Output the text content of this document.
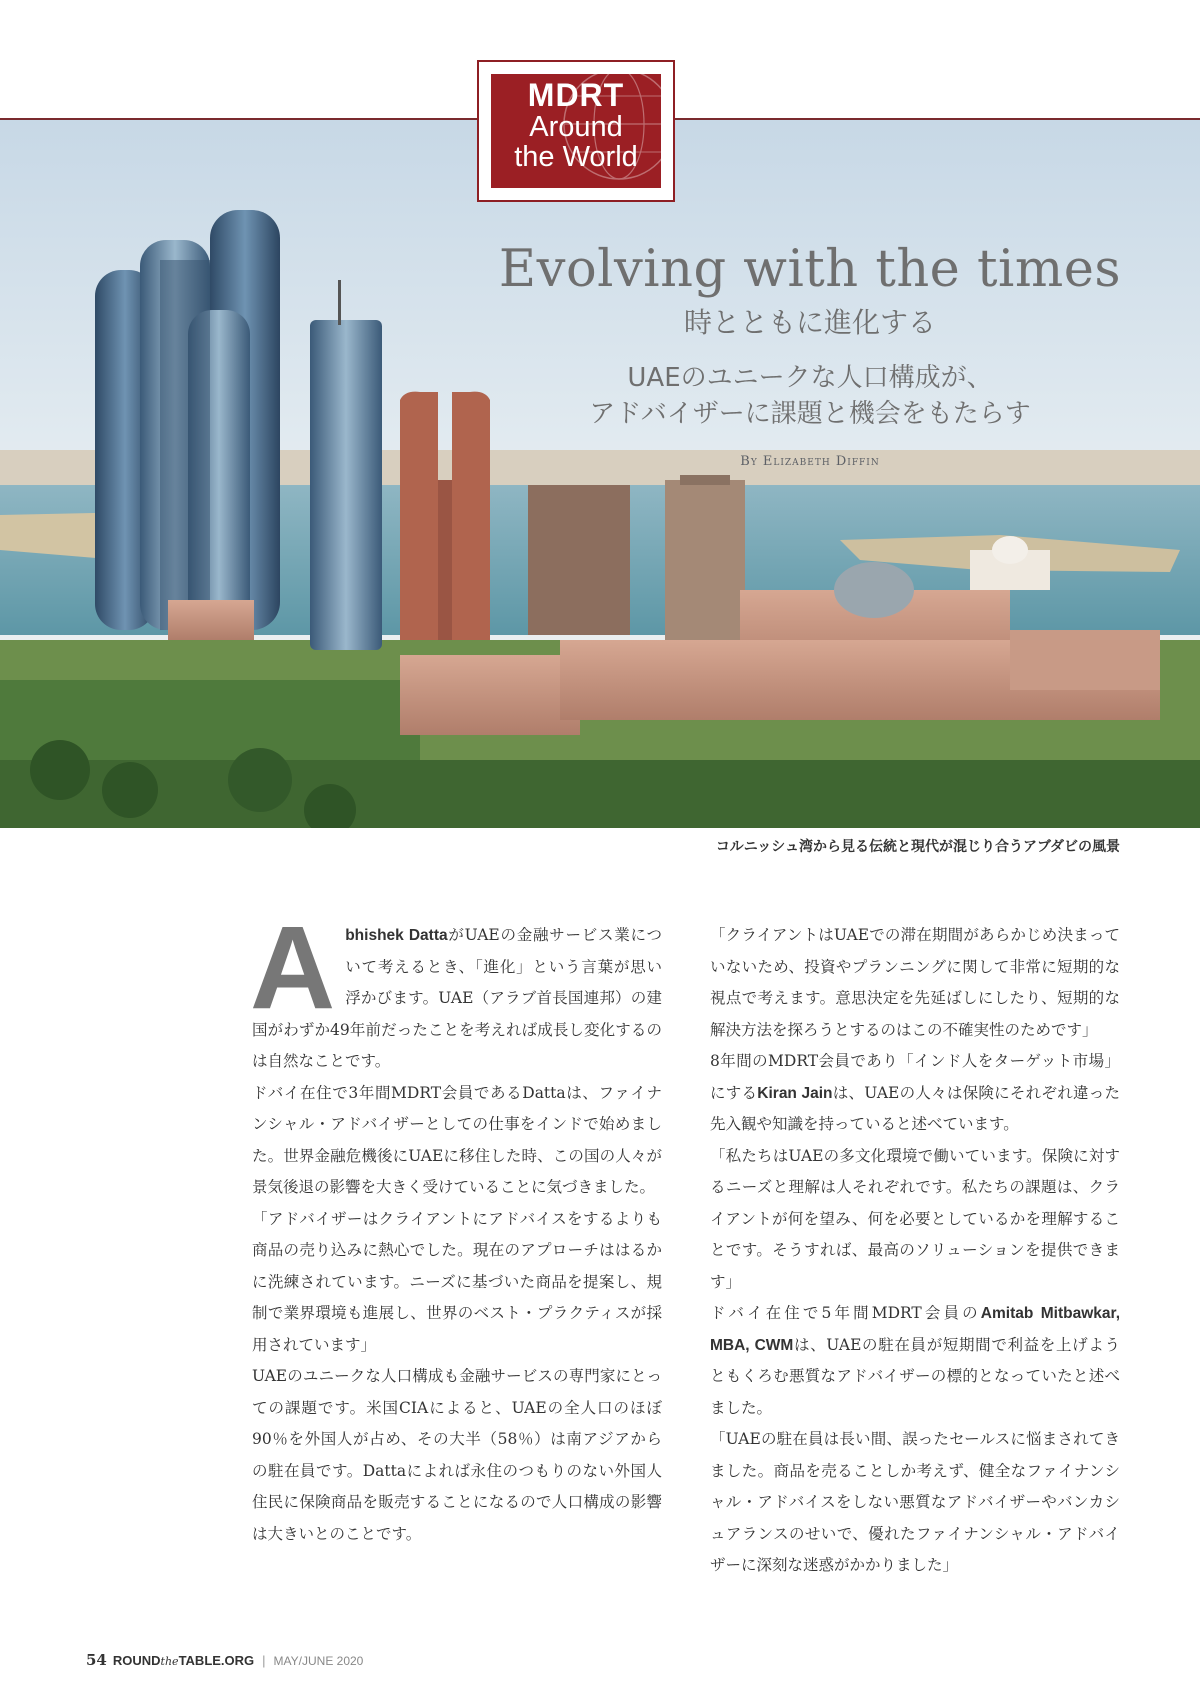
MDRT
Around
the World
Evolving with the times
時とともに進化する
UAEのユニークな人口構成が、
アドバイザーに課題と機会をもたらす
By Elizabeth Diffin
コルニッシュ湾から見る伝統と現代が混じり合うアブダビの風景

Abhishek DattaがUAEの金融サービス業について考えるとき、「進化」という言葉が思い浮かびます。UAE（アラブ首長国連邦）の建国がわずか49年前だったことを考えれば成長し変化するのは自然なことです。

ドバイ在住で3年間MDRT会員であるDattaは、ファイナンシャル・アドバイザーとしての仕事をインドで始めました。世界金融危機後にUAEに移住した時、この国の人々が景気後退の影響を大きく受けていることに気づきました。

「アドバイザーはクライアントにアドバイスをするよりも商品の売り込みに熱心でした。現在のアプローチははるかに洗練されています。ニーズに基づいた商品を提案し、規制で業界環境も進展し、世界のベスト・プラクティスが採用されています」

UAEのユニークな人口構成も金融サービスの専門家にとっての課題です。米国CIAによると、UAEの全人口のほぼ90％を外国人が占め、その大半（58％）は南アジアからの駐在員です。Dattaによれば永住のつもりのない外国人住民に保険商品を販売することになるので人口構成の影響は大きいとのことです。

「クライアントはUAEでの滞在期間があらかじめ決まっていないため、投資やプランニングに関して非常に短期的な視点で考えます。意思決定を先延ばしにしたり、短期的な解決方法を探ろうとするのはこの不確実性のためです」

8年間のMDRT会員であり「インド人をターゲット市場」にするKiran Jainは、UAEの人々は保険にそれぞれ違った先入観や知識を持っていると述べています。

「私たちはUAEの多文化環境で働いています。保険に対するニーズと理解は人それぞれです。私たちの課題は、クライアントが何を望み、何を必要としているかを理解することです。そうすれば、最高のソリューションを提供できます」

ドバイ在住で5年間MDRT会員のAmitab Mitbawkar, MBA, CWMは、UAEの駐在員が短期間で利益を上げようともくろむ悪質なアドバイザーの標的となっていたと述べました。

「UAEの駐在員は長い間、誤ったセールスに悩まされてきました。商品を売ることしか考えず、健全なファイナンシャル・アドバイスをしない悪質なアドバイザーやバンカシュアランスのせいで、優れたファイナンシャル・アドバイザーに深刻な迷惑がかかりました」

54 ROUNDtheTABLE.ORG | MAY/JUNE 2020
